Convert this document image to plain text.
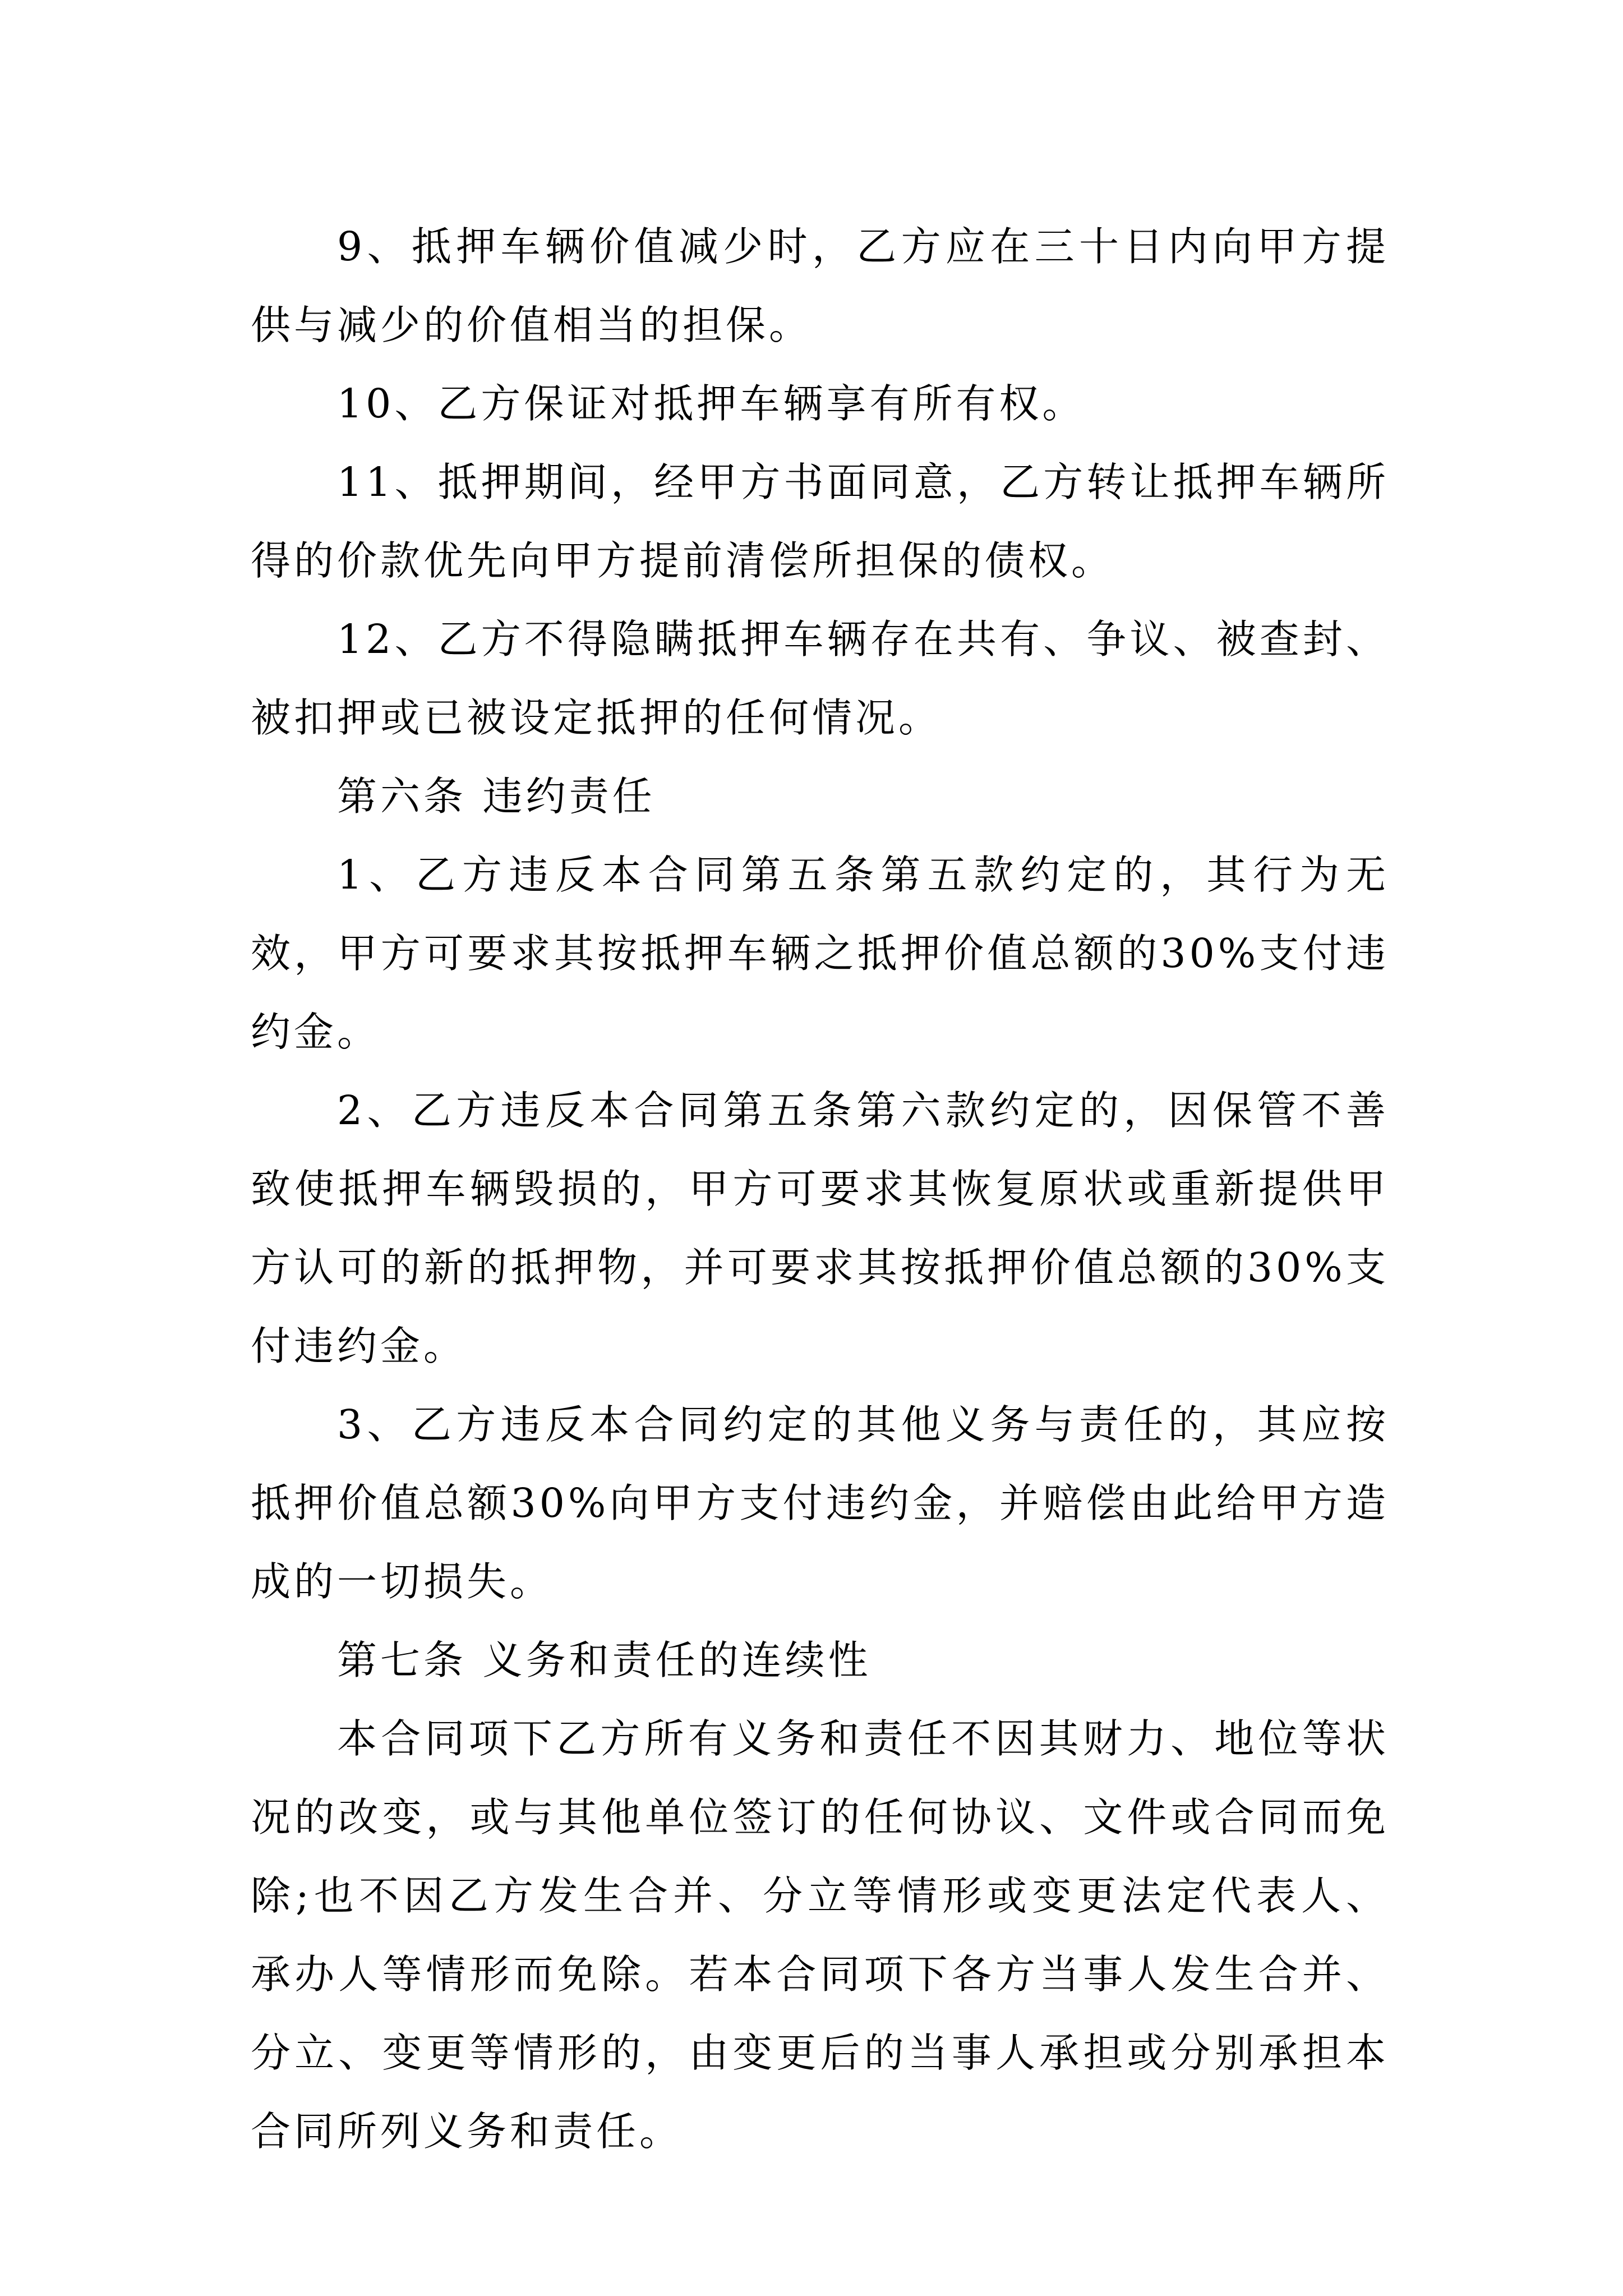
9、抵押车辆价值减少时，乙方应在三十日内向甲方提供与减少的价值相当的担保。

10、乙方保证对抵押车辆享有所有权。

11、抵押期间，经甲方书面同意，乙方转让抵押车辆所得的价款优先向甲方提前清偿所担保的债权。

12、乙方不得隐瞒抵押车辆存在共有、争议、被查封、被扣押或已被设定抵押的任何情况。

第六条 违约责任

1、乙方违反本合同第五条第五款约定的，其行为无效，甲方可要求其按抵押车辆之抵押价值总额的30%支付违约金。

2、乙方违反本合同第五条第六款约定的，因保管不善致使抵押车辆毁损的，甲方可要求其恢复原状或重新提供甲方认可的新的抵押物，并可要求其按抵押价值总额的30%支付违约金。

3、乙方违反本合同约定的其他义务与责任的，其应按抵押价值总额30%向甲方支付违约金，并赔偿由此给甲方造成的一切损失。

第七条 义务和责任的连续性

本合同项下乙方所有义务和责任不因其财力、地位等状况的改变，或与其他单位签订的任何协议、文件或合同而免除;也不因乙方发生合并、分立等情形或变更法定代表人、承办人等情形而免除。若本合同项下各方当事人发生合并、分立、变更等情形的，由变更后的当事人承担或分别承担本合同所列义务和责任。
